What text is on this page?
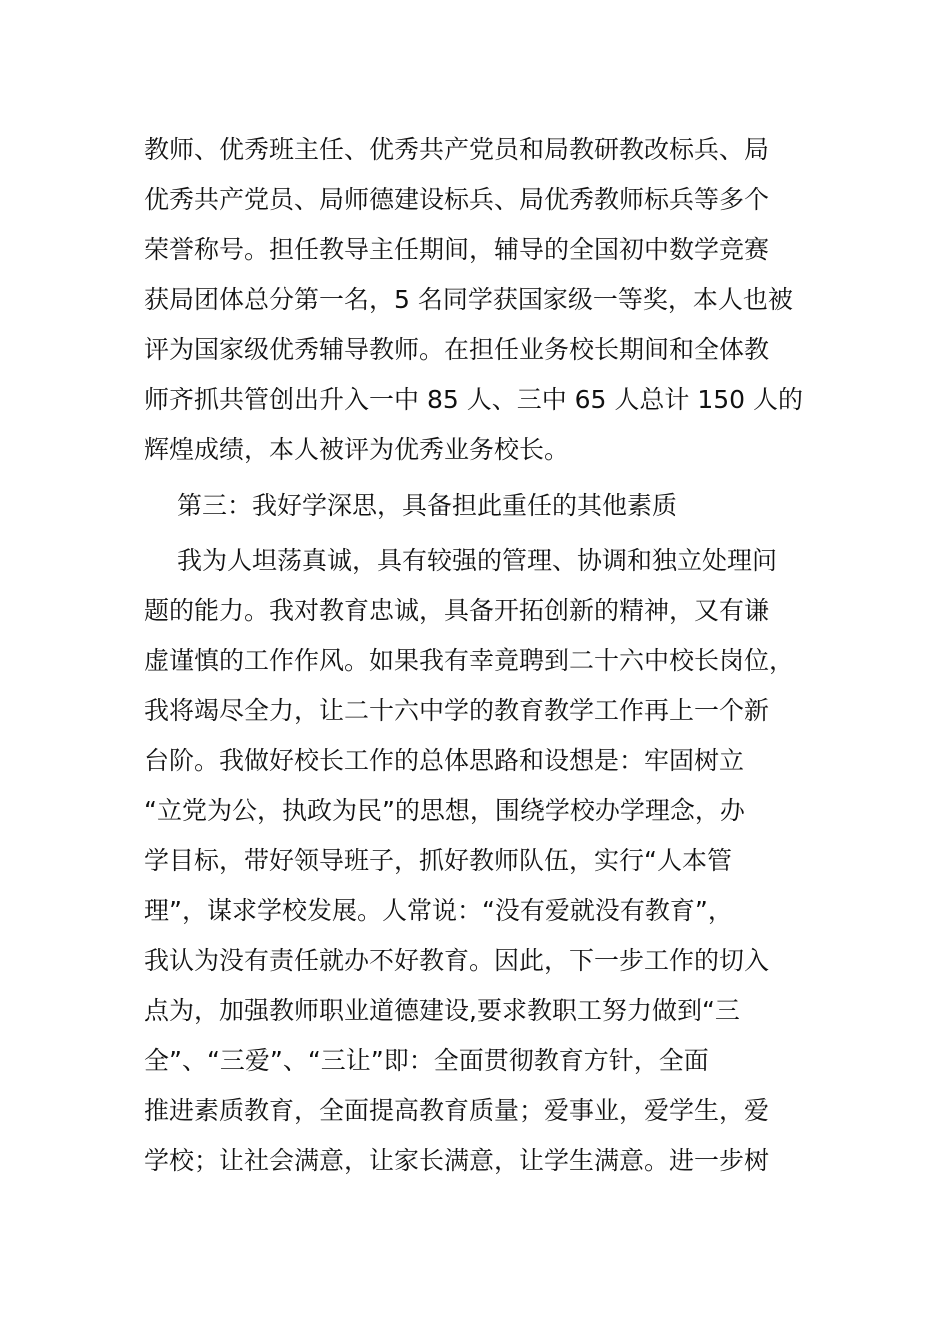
教师、优秀班主任、优秀共产党员和局教研教改标兵、局
优秀共产党员、局师德建设标兵、局优秀教师标兵等多个
荣誉称号。担任教导主任期间，辅导的全国初中数学竞赛
获局团体总分第一名，5 名同学获国家级一等奖，本人也被
评为国家级优秀辅导教师。在担任业务校长期间和全体教
师齐抓共管创出升入一中 85 人、三中 65 人总计 150 人的
辉煌成绩，本人被评为优秀业务校长。
第三：我好学深思，具备担此重任的其他素质
我为人坦荡真诚，具有较强的管理、协调和独立处理问
题的能力。我对教育忠诚，具备开拓创新的精神，又有谦
虚谨慎的工作作风。如果我有幸竟聘到二十六中校长岗位，
我将竭尽全力，让二十六中学的教育教学工作再上一个新
台阶。我做好校长工作的总体思路和设想是：牢固树立
“立党为公，执政为民”的思想，围绕学校办学理念，办
学目标，带好领导班子，抓好教师队伍，实行“人本管
理”，谋求学校发展。人常说：“没有爱就没有教育”，
我认为没有责任就办不好教育。因此，下一步工作的切入
点为，加强教师职业道德建设,要求教职工努力做到“三
全”、“三爱”、“三让”即：全面贯彻教育方针，全面
推进素质教育，全面提高教育质量；爱事业，爱学生，爱
学校；让社会满意，让家长满意，让学生满意。进一步树
